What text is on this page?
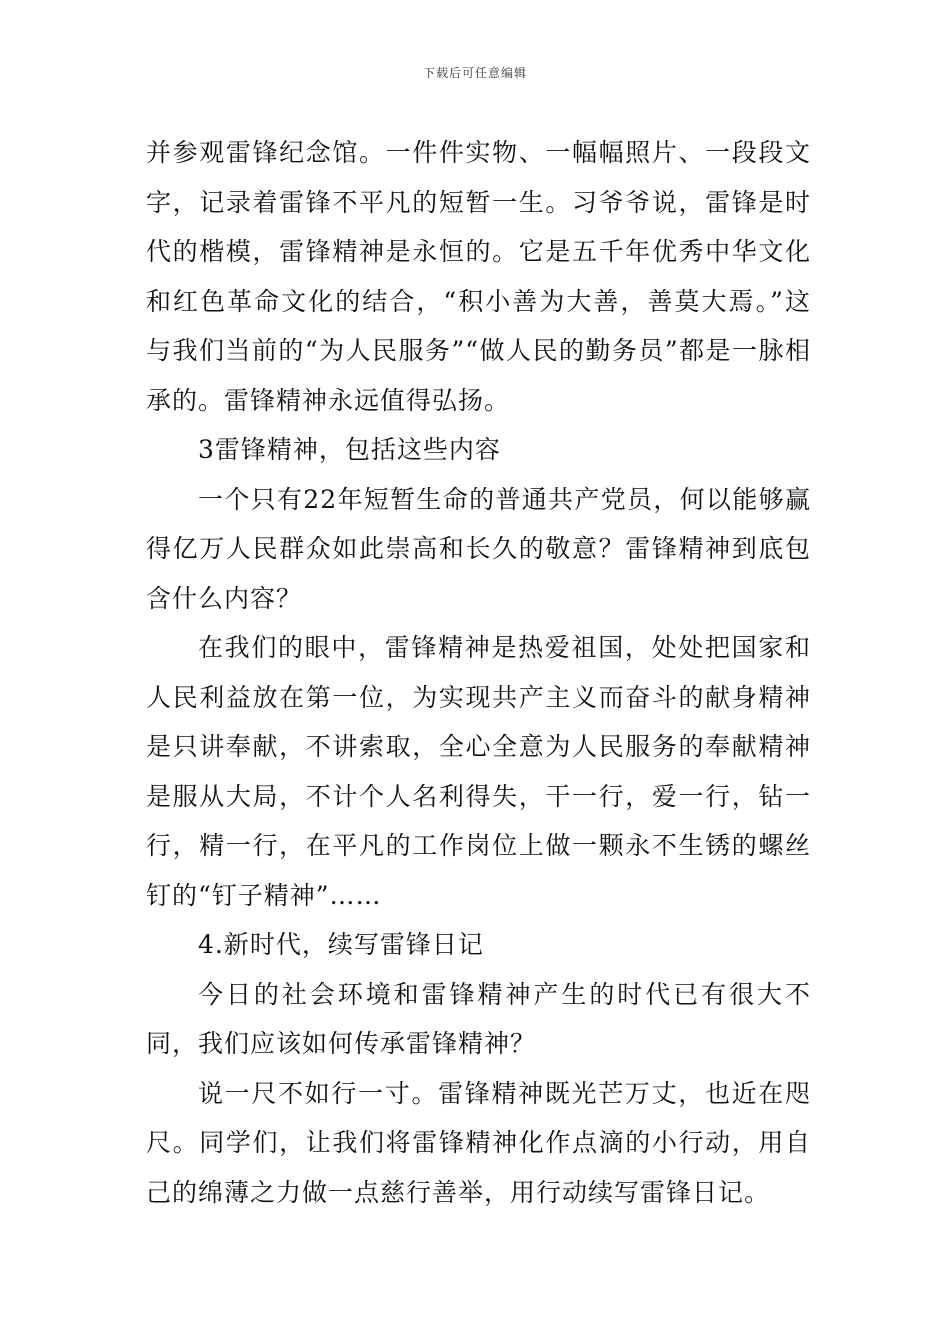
下载后可任意编辑

并参观雷锋纪念馆。一件件实物、一幅幅照片、一段段文字，记录着雷锋不平凡的短暂一生。习爷爷说，雷锋是时代的楷模，雷锋精神是永恒的。它是五千年优秀中华文化和红色革命文化的结合，“积小善为大善，善莫大焉。”这与我们当前的“为人民服务”“做人民的勤务员”都是一脉相承的。雷锋精神永远值得弘扬。

3雷锋精神，包括这些内容

一个只有22年短暂生命的普通共产党员，何以能够赢得亿万人民群众如此崇高和长久的敬意？雷锋精神到底包含什么内容？

在我们的眼中，雷锋精神是热爱祖国，处处把国家和人民利益放在第一位，为实现共产主义而奋斗的献身精神是只讲奉献，不讲索取，全心全意为人民服务的奉献精神是服从大局，不计个人名利得失，干一行，爱一行，钻一行，精一行，在平凡的工作岗位上做一颗永不生锈的螺丝钉的“钉子精神”……

4.新时代，续写雷锋日记

今日的社会环境和雷锋精神产生的时代已有很大不同，我们应该如何传承雷锋精神？

说一尺不如行一寸。雷锋精神既光芒万丈，也近在咫尺。同学们，让我们将雷锋精神化作点滴的小行动，用自己的绵薄之力做一点慈行善举，用行动续写雷锋日记。
